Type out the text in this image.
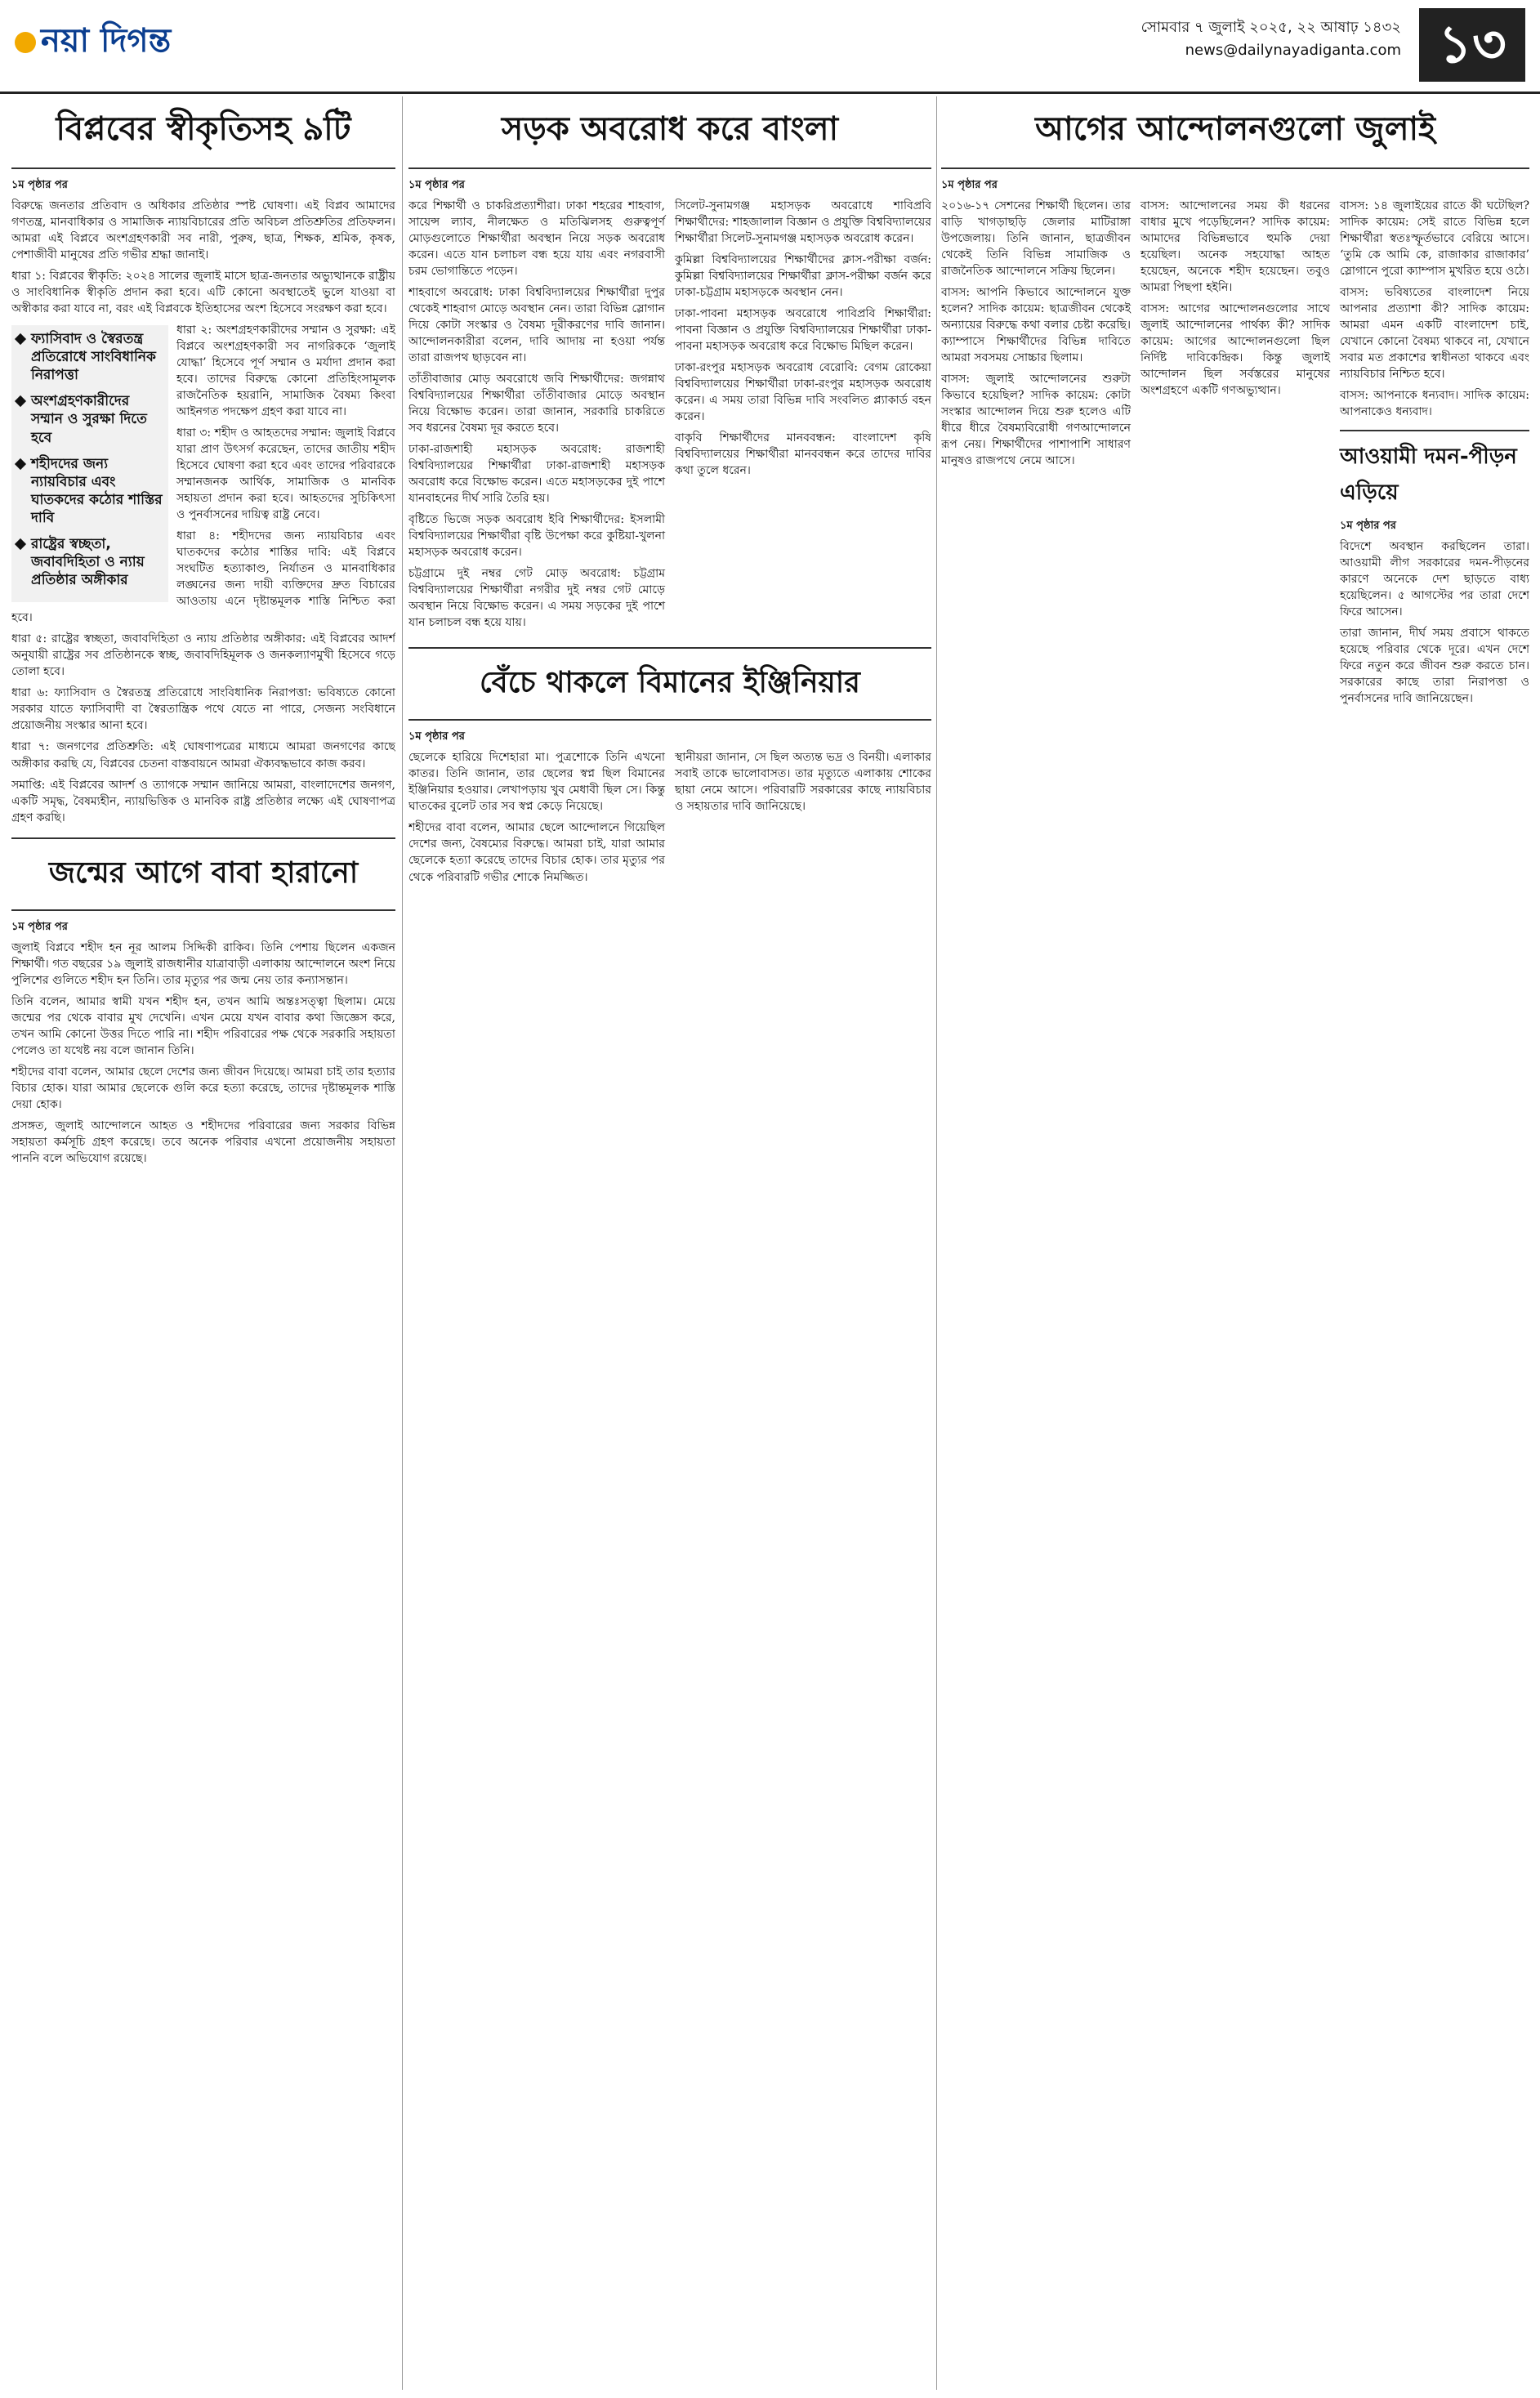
নয়া দিগন্ত	সোমবার ৭ জুলাই ২০২৫, ২২ আষাঢ় ১৪৩২
news@dailynayadiganta.com ১৩
বিপ্লবের স্বীকৃতিসহ ৯টি
১ম পৃষ্ঠার পর

বিরুদ্ধে জনতার প্রতিবাদ ও অধিকার প্রতিষ্ঠার স্পষ্ট ঘোষণা। এই বিপ্লব আমাদের গণতন্ত্র, মানবাধিকার ও সামাজিক ন্যায়বিচারের প্রতি অবিচল প্রতিশ্রুতির প্রতিফলন। আমরা এই বিপ্লবে অংশগ্রহণকারী সব নারী, পুরুষ, ছাত্র, শিক্ষক, শ্রমিক, কৃষক, পেশাজীবী মানুষের প্রতি গভীর শ্রদ্ধা জানাই।

ধারা ১: বিপ্লবের স্বীকৃতি: ২০২৪ সালের জুলাই মাসে ছাত্র-জনতার অভ্যুত্থানকে রাষ্ট্রীয় ও সাংবিধানিক স্বীকৃতি প্রদান করা হবে। এটি কোনো অবস্থাতেই ভুলে যাওয়া বা অস্বীকার করা যাবে না, বরং এই বিপ্লবকে ইতিহাসের অংশ হিসেবে সংরক্ষণ করা হবে।

ফ্যাসিবাদ ও স্বৈরতন্ত্র প্রতিরোধে সাংবিধানিক নিরাপত্তা
অংশগ্রহণকারীদের সম্মান ও সুরক্ষা দিতে হবে
শহীদদের জন্য ন্যায়বিচার এবং ঘাতকদের কঠোর শাস্তির দাবি
রাষ্ট্রের স্বচ্ছতা, জবাবদিহিতা ও ন্যায় প্রতিষ্ঠার অঙ্গীকার

ধারা ২: অংশগ্রহণকারীদের সম্মান ও সুরক্ষা: এই বিপ্লবে অংশগ্রহণকারী সব নাগরিককে ‘জুলাই যোদ্ধা’ হিসেবে পূর্ণ সম্মান ও মর্যাদা প্রদান করা হবে। তাদের বিরুদ্ধে কোনো প্রতিহিংসামূলক রাজনৈতিক হয়রানি, সামাজিক বৈষম্য কিংবা আইনগত পদক্ষেপ গ্রহণ করা যাবে না।

ধারা ৩: শহীদ ও আহতদের সম্মান: জুলাই বিপ্লবে যারা প্রাণ উৎসর্গ করেছেন, তাদের জাতীয় শহীদ হিসেবে ঘোষণা করা হবে এবং তাদের পরিবারকে সম্মানজনক আর্থিক, সামাজিক ও মানবিক সহায়তা প্রদান করা হবে। আহতদের সুচিকিৎসা ও পুনর্বাসনের দায়িত্ব রাষ্ট্র নেবে।

ধারা ৪: শহীদদের জন্য ন্যায়বিচার এবং ঘাতকদের কঠোর শাস্তির দাবি: এই বিপ্লবে সংঘটিত হত্যাকাণ্ড, নির্যাতন ও মানবাধিকার লঙ্ঘনের জন্য দায়ী ব্যক্তিদের দ্রুত বিচারের আওতায় এনে দৃষ্টান্তমূলক শাস্তি নিশ্চিত করা হবে।

ধারা ৫: রাষ্ট্রের স্বচ্ছতা, জবাবদিহিতা ও ন্যায় প্রতিষ্ঠার অঙ্গীকার: এই বিপ্লবের আদর্শ অনুযায়ী রাষ্ট্রের সব প্রতিষ্ঠানকে স্বচ্ছ, জবাবদিহিমূলক ও জনকল্যাণমুখী হিসেবে গড়ে তোলা হবে।

ধারা ৬: ফ্যাসিবাদ ও স্বৈরতন্ত্র প্রতিরোধে সাংবিধানিক নিরাপত্তা: ভবিষ্যতে কোনো সরকার যাতে ফ্যাসিবাদী বা স্বৈরতান্ত্রিক পথে যেতে না পারে, সেজন্য সংবিধানে প্রয়োজনীয় সংস্কার আনা হবে।

ধারা ৭: জনগণের প্রতিশ্রুতি: এই ঘোষণাপত্রের মাধ্যমে আমরা জনগণের কাছে অঙ্গীকার করছি যে, বিপ্লবের চেতনা বাস্তবায়নে আমরা ঐক্যবদ্ধভাবে কাজ করব।

সমাপ্তি: এই বিপ্লবের আদর্শ ও ত্যাগকে সম্মান জানিয়ে আমরা, বাংলাদেশের জনগণ, একটি সমৃদ্ধ, বৈষম্যহীন, ন্যায়ভিত্তিক ও মানবিক রাষ্ট্র প্রতিষ্ঠার লক্ষ্যে এই ঘোষণাপত্র গ্রহণ করছি।

জন্মের আগে বাবা হারানো
১ম পৃষ্ঠার পর

জুলাই বিপ্লবে শহীদ হন নূর আলম সিদ্দিকী রাকিব। তিনি পেশায় ছিলেন একজন শিক্ষার্থী। গত বছরের ১৯ জুলাই রাজধানীর যাত্রাবাড়ী এলাকায় আন্দোলনে অংশ নিয়ে পুলিশের গুলিতে শহীদ হন তিনি। তার মৃত্যুর পর জন্ম নেয় তার কন্যাসন্তান।

তিনি বলেন, আমার স্বামী যখন শহীদ হন, তখন আমি অন্তঃসত্ত্বা ছিলাম। মেয়ে জন্মের পর থেকে বাবার মুখ দেখেনি। এখন মেয়ে যখন বাবার কথা জিজ্ঞেস করে, তখন আমি কোনো উত্তর দিতে পারি না। শহীদ পরিবারের পক্ষ থেকে সরকারি সহায়তা পেলেও তা যথেষ্ট নয় বলে জানান তিনি।

শহীদের বাবা বলেন, আমার ছেলে দেশের জন্য জীবন দিয়েছে। আমরা চাই তার হত্যার বিচার হোক। যারা আমার ছেলেকে গুলি করে হত্যা করেছে, তাদের দৃষ্টান্তমূলক শাস্তি দেয়া হোক।

প্রসঙ্গত, জুলাই আন্দোলনে আহত ও শহীদদের পরিবারের জন্য সরকার বিভিন্ন সহায়তা কর্মসূচি গ্রহণ করেছে। তবে অনেক পরিবার এখনো প্রয়োজনীয় সহায়তা পাননি বলে অভিযোগ রয়েছে।

সড়ক অবরোধ করে বাংলা
১ম পৃষ্ঠার পর

করে শিক্ষার্থী ও চাকরিপ্রত্যাশীরা। ঢাকা শহরের শাহবাগ, সায়েন্স ল্যাব, নীলক্ষেত ও মতিঝিলসহ গুরুত্বপূর্ণ মোড়গুলোতে শিক্ষার্থীরা অবস্থান নিয়ে সড়ক অবরোধ করেন। এতে যান চলাচল বন্ধ হয়ে যায় এবং নগরবাসী চরম ভোগান্তিতে পড়েন।

শাহবাগে অবরোধ: ঢাকা বিশ্ববিদ্যালয়ের শিক্ষার্থীরা দুপুর থেকেই শাহবাগ মোড়ে অবস্থান নেন। তারা বিভিন্ন স্লোগান দিয়ে কোটা সংস্কার ও বৈষম্য দূরীকরণের দাবি জানান। আন্দোলনকারীরা বলেন, দাবি আদায় না হওয়া পর্যন্ত তারা রাজপথ ছাড়বেন না।

তাঁতীবাজার মোড় অবরোধে জবি শিক্ষার্থীদের: জগন্নাথ বিশ্ববিদ্যালয়ের শিক্ষার্থীরা তাঁতীবাজার মোড়ে অবস্থান নিয়ে বিক্ষোভ করেন। তারা জানান, সরকারি চাকরিতে সব ধরনের বৈষম্য দূর করতে হবে।

ঢাকা-রাজশাহী মহাসড়ক অবরোধ: রাজশাহী বিশ্ববিদ্যালয়ের শিক্ষার্থীরা ঢাকা-রাজশাহী মহাসড়ক অবরোধ করে বিক্ষোভ করেন। এতে মহাসড়কের দুই পাশে যানবাহনের দীর্ঘ সারি তৈরি হয়।

বৃষ্টিতে ভিজে সড়ক অবরোধ ইবি শিক্ষার্থীদের: ইসলামী বিশ্ববিদ্যালয়ের শিক্ষার্থীরা বৃষ্টি উপেক্ষা করে কুষ্টিয়া-খুলনা মহাসড়ক অবরোধ করেন।

চট্টগ্রামে দুই নম্বর গেট মোড় অবরোধ: চট্টগ্রাম বিশ্ববিদ্যালয়ের শিক্ষার্থীরা নগরীর দুই নম্বর গেট মোড়ে অবস্থান নিয়ে বিক্ষোভ করেন। এ সময় সড়কের দুই পাশে যান চলাচল বন্ধ হয়ে যায়।

সিলেট-সুনামগঞ্জ মহাসড়ক অবরোধে শাবিপ্রবি শিক্ষার্থীদের: শাহজালাল বিজ্ঞান ও প্রযুক্তি বিশ্ববিদ্যালয়ের শিক্ষার্থীরা সিলেট-সুনামগঞ্জ মহাসড়ক অবরোধ করেন।

কুমিল্লা বিশ্ববিদ্যালয়ের শিক্ষার্থীদের ক্লাস-পরীক্ষা বর্জন: কুমিল্লা বিশ্ববিদ্যালয়ের শিক্ষার্থীরা ক্লাস-পরীক্ষা বর্জন করে ঢাকা-চট্টগ্রাম মহাসড়কে অবস্থান নেন।

ঢাকা-পাবনা মহাসড়ক অবরোধে পাবিপ্রবি শিক্ষার্থীরা: পাবনা বিজ্ঞান ও প্রযুক্তি বিশ্ববিদ্যালয়ের শিক্ষার্থীরা ঢাকা-পাবনা মহাসড়ক অবরোধ করে বিক্ষোভ মিছিল করেন।

ঢাকা-রংপুর মহাসড়ক অবরোধ বেরোবি: বেগম রোকেয়া বিশ্ববিদ্যালয়ের শিক্ষার্থীরা ঢাকা-রংপুর মহাসড়ক অবরোধ করেন। এ সময় তারা বিভিন্ন দাবি সংবলিত প্ল্যাকার্ড বহন করেন।

বাকৃবি শিক্ষার্থীদের মানববন্ধন: বাংলাদেশ কৃষি বিশ্ববিদ্যালয়ের শিক্ষার্থীরা মানববন্ধন করে তাদের দাবির কথা তুলে ধরেন।

বেঁচে থাকলে বিমানের ইঞ্জিনিয়ার
১ম পৃষ্ঠার পর

ছেলেকে হারিয়ে দিশেহারা মা। পুত্রশোকে তিনি এখনো কাতর। তিনি জানান, তার ছেলের স্বপ্ন ছিল বিমানের ইঞ্জিনিয়ার হওয়ার। লেখাপড়ায় খুব মেধাবী ছিল সে। কিন্তু ঘাতকের বুলেট তার সব স্বপ্ন কেড়ে নিয়েছে।

শহীদের বাবা বলেন, আমার ছেলে আন্দোলনে গিয়েছিল দেশের জন্য, বৈষম্যের বিরুদ্ধে। আমরা চাই, যারা আমার ছেলেকে হত্যা করেছে তাদের বিচার হোক। তার মৃত্যুর পর থেকে পরিবারটি গভীর শোকে নিমজ্জিত।

স্থানীয়রা জানান, সে ছিল অত্যন্ত ভদ্র ও বিনয়ী। এলাকার সবাই তাকে ভালোবাসত। তার মৃত্যুতে এলাকায় শোকের ছায়া নেমে আসে। পরিবারটি সরকারের কাছে ন্যায়বিচার ও সহায়তার দাবি জানিয়েছে।

আগের আন্দোলনগুলো জুলাই
১ম পৃষ্ঠার পর

২০১৬-১৭ সেশনের শিক্ষার্থী ছিলেন। তার বাড়ি খাগড়াছড়ি জেলার মাটিরাঙ্গা উপজেলায়। তিনি জানান, ছাত্রজীবন থেকেই তিনি বিভিন্ন সামাজিক ও রাজনৈতিক আন্দোলনে সক্রিয় ছিলেন।

বাসস: আপনি কিভাবে আন্দোলনে যুক্ত হলেন? সাদিক কায়েম: ছাত্রজীবন থেকেই অন্যায়ের বিরুদ্ধে কথা বলার চেষ্টা করেছি। ক্যাম্পাসে শিক্ষার্থীদের বিভিন্ন দাবিতে আমরা সবসময় সোচ্চার ছিলাম।

বাসস: জুলাই আন্দোলনের শুরুটা কিভাবে হয়েছিল? সাদিক কায়েম: কোটা সংস্কার আন্দোলন দিয়ে শুরু হলেও এটি ধীরে ধীরে বৈষম্যবিরোধী গণআন্দোলনে রূপ নেয়। শিক্ষার্থীদের পাশাপাশি সাধারণ মানুষও রাজপথে নেমে আসে।

বাসস: আন্দোলনের সময় কী ধরনের বাধার মুখে পড়েছিলেন? সাদিক কায়েম: আমাদের বিভিন্নভাবে হুমকি দেয়া হয়েছিল। অনেক সহযোদ্ধা আহত হয়েছেন, অনেকে শহীদ হয়েছেন। তবুও আমরা পিছপা হইনি।

বাসস: আগের আন্দোলনগুলোর সাথে জুলাই আন্দোলনের পার্থক্য কী? সাদিক কায়েম: আগের আন্দোলনগুলো ছিল নির্দিষ্ট দাবিকেন্দ্রিক। কিন্তু জুলাই আন্দোলন ছিল সর্বস্তরের মানুষের অংশগ্রহণে একটি গণঅভ্যুত্থান।

বাসস: ১৪ জুলাইয়ের রাতে কী ঘটেছিল? সাদিক কায়েম: সেই রাতে বিভিন্ন হলে শিক্ষার্থীরা স্বতঃস্ফূর্তভাবে বেরিয়ে আসে। ‘তুমি কে আমি কে, রাজাকার রাজাকার’ স্লোগানে পুরো ক্যাম্পাস মুখরিত হয়ে ওঠে।

বাসস: ভবিষ্যতের বাংলাদেশ নিয়ে আপনার প্রত্যাশা কী? সাদিক কায়েম: আমরা এমন একটি বাংলাদেশ চাই, যেখানে কোনো বৈষম্য থাকবে না, যেখানে সবার মত প্রকাশের স্বাধীনতা থাকবে এবং ন্যায়বিচার নিশ্চিত হবে।

বাসস: আপনাকে ধন্যবাদ। সাদিক কায়েম: আপনাকেও ধন্যবাদ।

আওয়ামী দমন-পীড়ন এড়িয়ে
১ম পৃষ্ঠার পর

বিদেশে অবস্থান করছিলেন তারা। আওয়ামী লীগ সরকারের দমন-পীড়নের কারণে অনেকে দেশ ছাড়তে বাধ্য হয়েছিলেন। ৫ আগস্টের পর তারা দেশে ফিরে আসেন।

তারা জানান, দীর্ঘ সময় প্রবাসে থাকতে হয়েছে পরিবার থেকে দূরে। এখন দেশে ফিরে নতুন করে জীবন শুরু করতে চান। সরকারের কাছে তারা নিরাপত্তা ও পুনর্বাসনের দাবি জানিয়েছেন।
